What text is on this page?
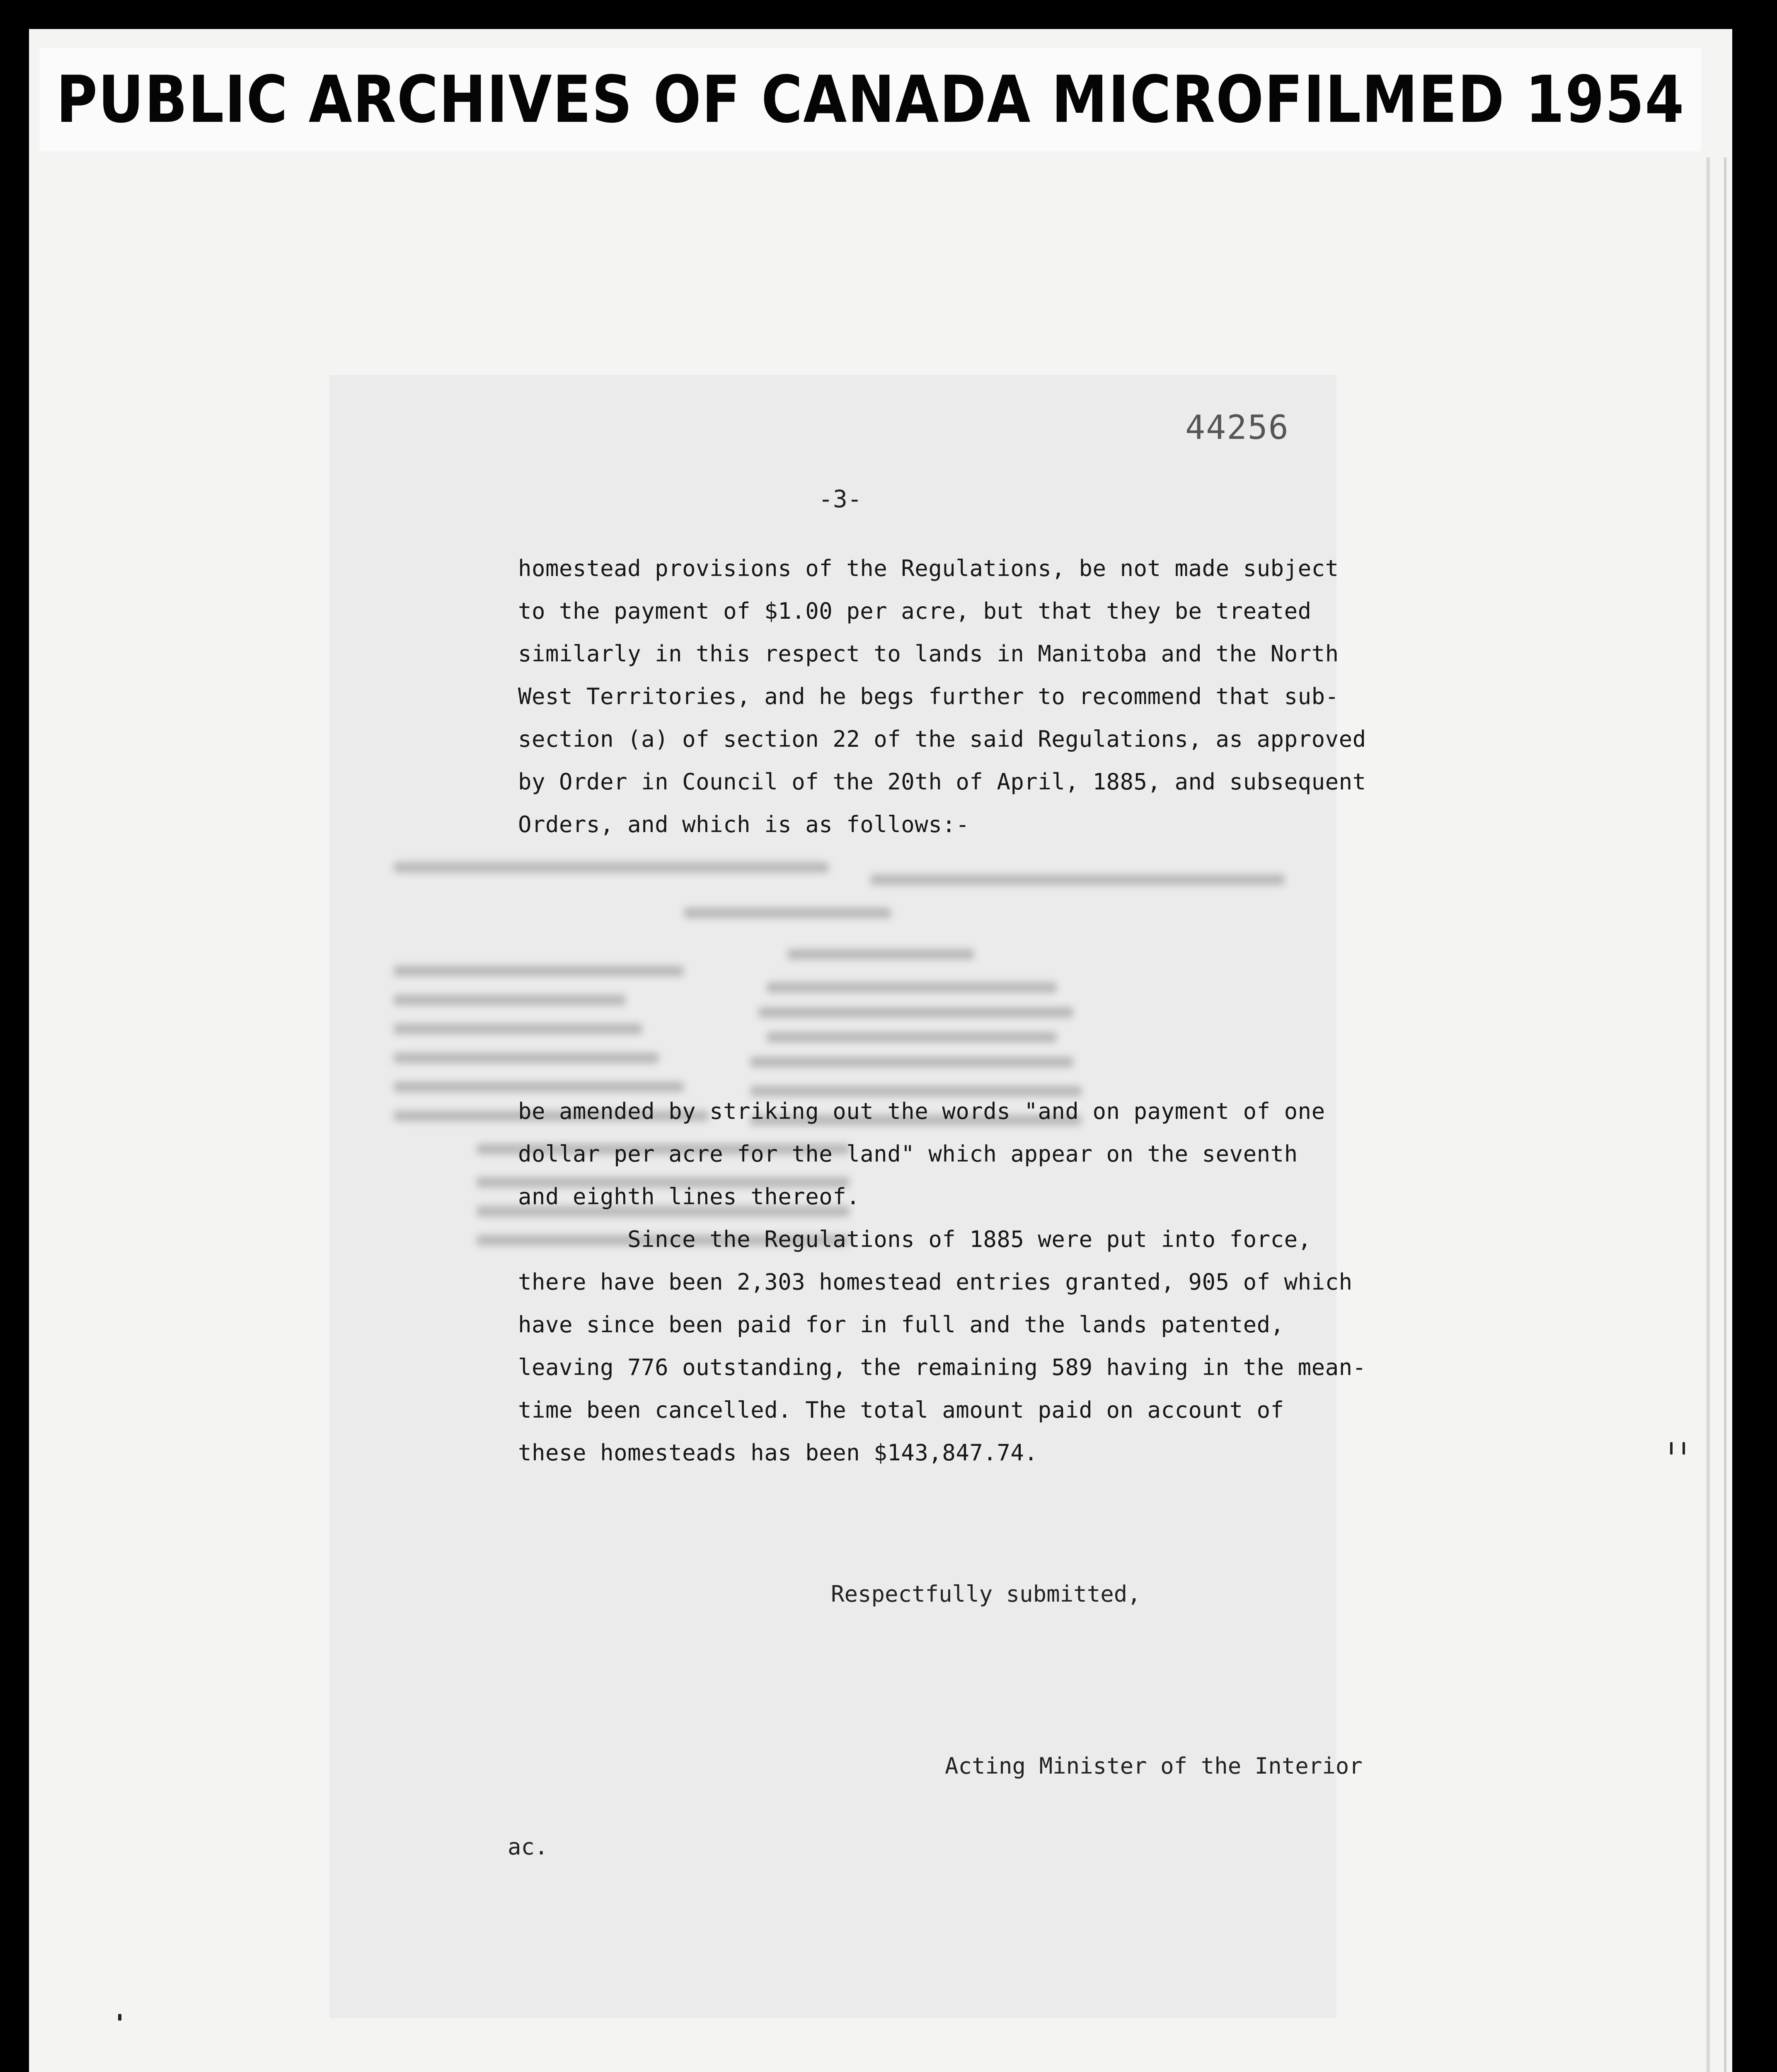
PUBLIC ARCHIVES OF CANADA MICROFILMED 1954
44256
-3-
homestead provisions of the Regulations, be not made subject
to the payment of $1.00 per acre, but that they be treated
similarly in this respect to lands in Manitoba and the North
West Territories, and he begs further to recommend that sub-
section (a) of section 22 of the said Regulations, as approved
by Order in Council of the 20th of April, 1885, and subsequent
Orders, and which is as follows:-
be amended by striking out the words "and on payment of one
dollar per acre for the land" which appear on the seventh
and eighth lines thereof.
Since the Regulations of 1885 were put into force,
there have been 2,303 homestead entries granted, 905 of which
have since been paid for in full and the lands patented,
leaving 776 outstanding, the remaining 589 having in the mean-
time been cancelled. The total amount paid on account of
these homesteads has been $143,847.74.
Respectfully submitted,
Acting Minister of the Interior
ac.
